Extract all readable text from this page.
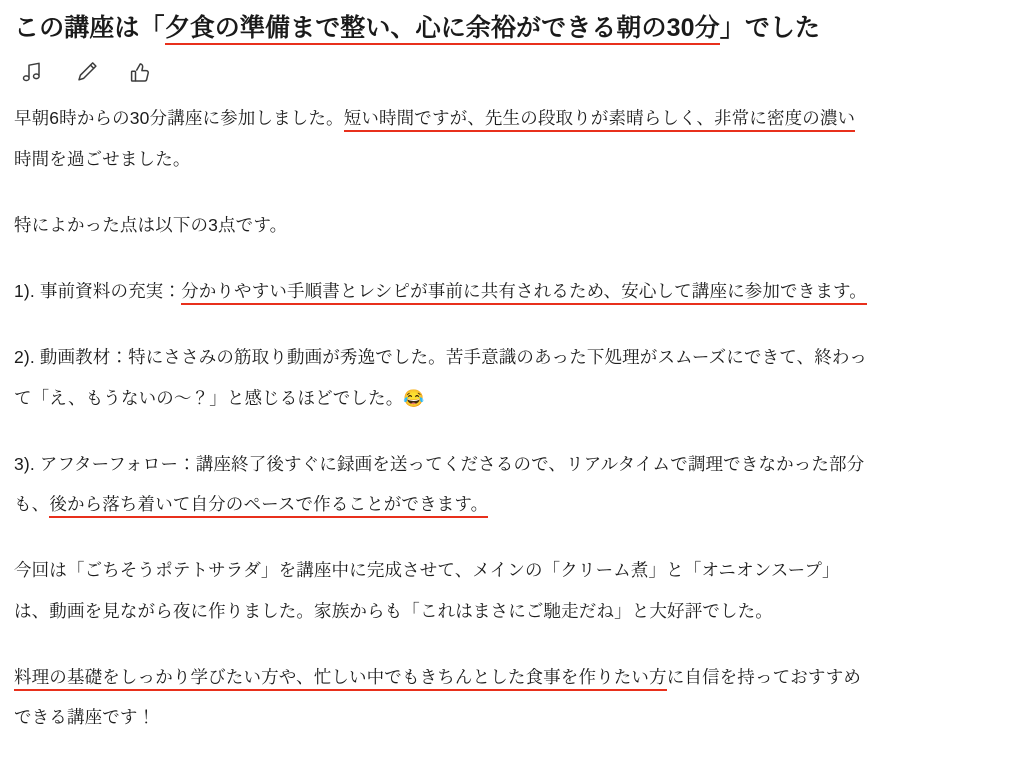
この講座は「夕食の準備まで整い、心に余裕ができる朝の30分」でした

早朝6時からの30分講座に参加しました。短い時間ですが、先生の段取りが素晴らしく、非常に密度の濃い
時間を過ごせました。

特によかった点は以下の3点です。

1). 事前資料の充実：分かりやすい手順書とレシピが事前に共有されるため、安心して講座に参加できます。

2). 動画教材：特にささみの筋取り動画が秀逸でした。苦手意識のあった下処理がスムーズにできて、終わっ
て「え、もうないの〜？」と感じるほどでした。😂

3). アフターフォロー：講座終了後すぐに録画を送ってくださるので、リアルタイムで調理できなかった部分
も、後から落ち着いて自分のペースで作ることができます。

今回は「ごちそうポテトサラダ」を講座中に完成させて、メインの「クリーム煮」と「オニオンスープ」
は、動画を見ながら夜に作りました。家族からも「これはまさにご馳走だね」と大好評でした。

料理の基礎をしっかり学びたい方や、忙しい中でもきちんとした食事を作りたい方に自信を持っておすすめ
できる講座です！
